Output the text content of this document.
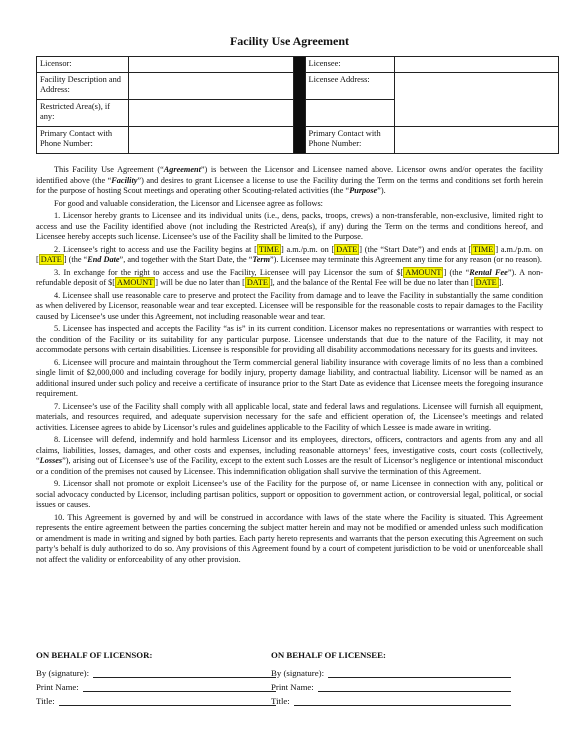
Facility Use Agreement
Licensor:			Licensee:	
Facility Description and Address:			Licensee Address:	
Restricted Area(s), if any:				
Primary Contact with Phone Number:			Primary Contact with Phone Number:	

This Facility Use Agreement (“Agreement”) is between the Licensor and Licensee named above. Licensor owns and/or operates the facility identified above (the “Facility”) and desires to grant Licensee a license to use the Facility during the Term on the terms and conditions set forth herein for the purpose of hosting Scout meetings and operating other Scouting-related activities (the “Purpose”).

For good and valuable consideration, the Licensor and Licensee agree as follows:

1. Licensor hereby grants to Licensee and its individual units (i.e., dens, packs, troops, crews) a non-transferable, non-exclusive, limited right to access and use the Facility identified above (not including the Restricted Area(s), if any) during the Term on the terms and conditions hereof, and Licensee hereby accepts such license. Licensee’s use of the Facility shall be limited to the Purpose.

2. Licensee’s right to access and use the Facility begins at [ TIME ] a.m./p.m. on [ DATE ] (the “Start Date”) and ends at [ TIME ] a.m./p.m. on [ DATE ] (the “End Date”, and together with the Start Date, the “Term”). Licensee may terminate this Agreement any time for any reason (or no reason).

3. In exchange for the right to access and use the Facility, Licensee will pay Licensor the sum of $[ AMOUNT ] (the “Rental Fee”). A non-refundable deposit of $[ AMOUNT ] will be due no later than [ DATE ], and the balance of the Rental Fee will be due no later than [ DATE ].

4. Licensee shall use reasonable care to preserve and protect the Facility from damage and to leave the Facility in substantially the same condition as when delivered by Licensor, reasonable wear and tear excepted. Licensee will be responsible for the reasonable costs to repair damages to the Facility caused by Licensee’s use under this Agreement, not including reasonable wear and tear.

5. Licensee has inspected and accepts the Facility “as is” in its current condition. Licensor makes no representations or warranties with respect to the condition of the Facility or its suitability for any particular purpose. Licensee understands that due to the nature of the Facility, it may not accommodate persons with certain disabilities. Licensee is responsible for providing all disability accommodations necessary for its guests and invitees.

6. Licensee will procure and maintain throughout the Term commercial general liability insurance with coverage limits of no less than a combined single limit of $2,000,000 and including coverage for bodily injury, property damage liability, and contractual liability. Licensor will be named as an additional insured under such policy and receive a certificate of insurance prior to the Start Date as evidence that Licensee meets the foregoing insurance requirement.

7. Licensee’s use of the Facility shall comply with all applicable local, state and federal laws and regulations. Licensee will furnish all equipment, materials, and resources required, and adequate supervision necessary for the safe and efficient operation of, the Licensee’s meetings and related activities. Licensee agrees to abide by Licensor’s rules and guidelines applicable to the Facility of which Lessee is made aware in writing.

8. Licensee will defend, indemnify and hold harmless Licensor and its employees, directors, officers, contractors and agents from any and all claims, liabilities, losses, damages, and other costs and expenses, including reasonable attorneys’ fees, investigative costs, court costs (collectively, “Losses”), arising out of Licensee’s use of the Facility, except to the extent such Losses are the result of Licensor’s negligence or intentional misconduct or a condition of the premises not caused by Licensee. This indemnification obligation shall survive the termination of this Agreement.

9. Licensor shall not promote or exploit Licensee’s use of the Facility for the purpose of, or name Licensee in connection with any, political or social advocacy conducted by Licensor, including partisan politics, support or opposition to government action, or controversial legal, political, or social issues or causes.

10. This Agreement is governed by and will be construed in accordance with laws of the state where the Facility is situated. This Agreement represents the entire agreement between the parties concerning the subject matter herein and may not be modified or amended unless such modification or amendment is made in writing and signed by both parties. Each party hereto represents and warrants that the person executing this Agreement on such party’s behalf is duly authorized to do so. Any provisions of this Agreement found by a court of competent jurisdiction to be void or unenforceable shall not affect the validity or enforceability of any other provision.

ON BEHALF OF LICENSOR:
By (signature):
Print Name:
Title:
ON BEHALF OF LICENSEE:
By (signature):
Print Name:
Title:
